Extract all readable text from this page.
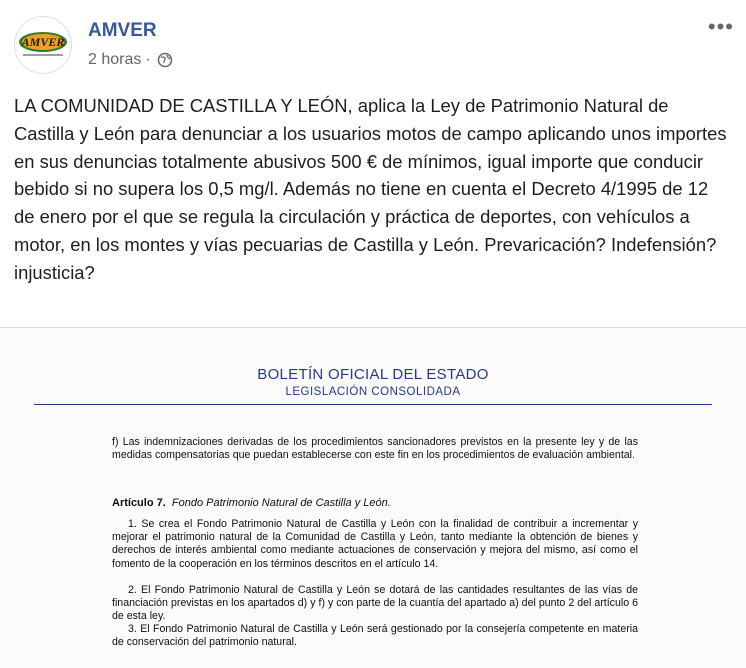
AMVER
AMVER
2 horas ·
•••
LA COMUNIDAD DE CASTILLA Y LEÓN, aplica la Ley de Patrimonio Natural de Castilla y León para denunciar a los usuarios motos de campo aplicando unos importes en sus denuncias totalmente abusivos 500 € de mínimos, igual importe que conducir bebido si no supera los 0,5 mg/l. Además no tiene en cuenta el Decreto 4/1995 de 12 de enero por el que se regula la circulación y práctica de deportes, con vehículos a motor, en los montes y vías pecuarias de Castilla y León. Prevaricación? Indefensión? injusticia?
BOLETÍN OFICIAL DEL ESTADO
LEGISLACIÓN CONSOLIDADA
f) Las indemnizaciones derivadas de los procedimientos sancionadores previstos en la presente ley y de las medidas compensatorias que puedan establecerse con este fin en los procedimientos de evaluación ambiental.
Artículo 7. Fondo Patrimonio Natural de Castilla y León.
1. Se crea el Fondo Patrimonio Natural de Castilla y León con la finalidad de contribuir a incrementar y mejorar el patrimonio natural de la Comunidad de Castilla y León, tanto mediante la obtención de bienes y derechos de interés ambiental como mediante actuaciones de conservación y mejora del mismo, así como el fomento de la cooperación en los términos descritos en el artículo 14.
2. El Fondo Patrimonio Natural de Castilla y León se dotará de las cantidades resultantes de las vías de financiación previstas en los apartados d) y f) y con parte de la cuantía del apartado a) del punto 2 del artículo 6 de esta ley.
3. El Fondo Patrimonio Natural de Castilla y León será gestionado por la consejería competente en materia de conservación del patrimonio natural.
